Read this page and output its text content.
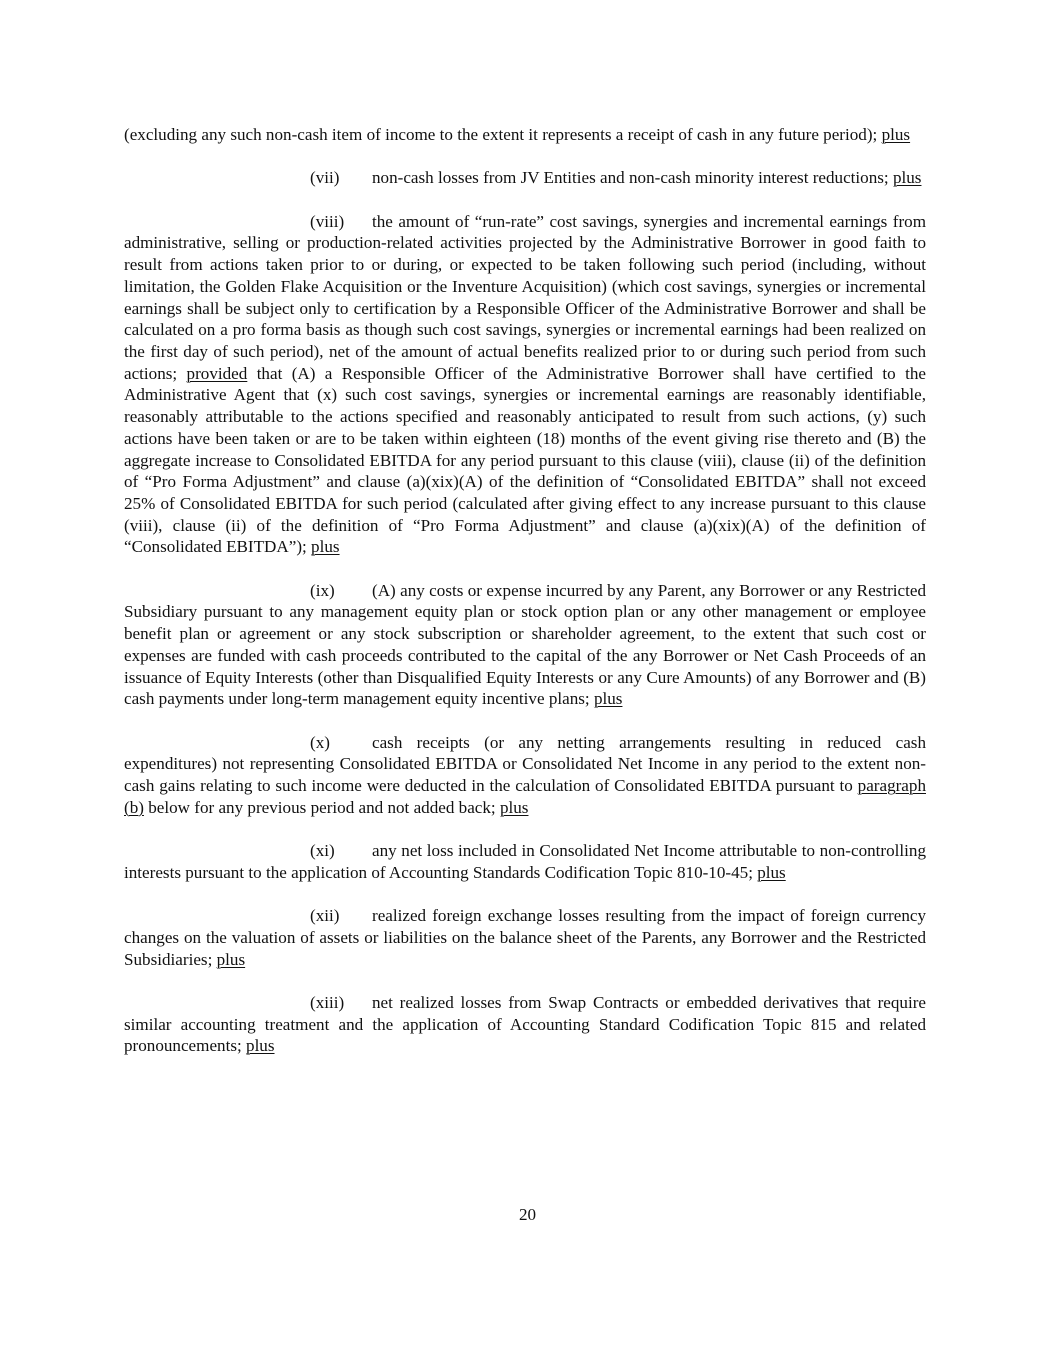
(excluding any such non-cash item of income to the extent it represents a receipt of cash in any future period); plus

(vii) non-cash losses from JV Entities and non-cash minority interest reductions; plus

(viii) the amount of “run-rate” cost savings, synergies and incremental earnings from administrative, selling or production-related activities projected by the Administrative Borrower in good faith to result from actions taken prior to or during, or expected to be taken following such period (including, without limitation, the Golden Flake Acquisition or the Inventure Acquisition) (which cost savings, synergies or incremental earnings shall be subject only to certification by a Responsible Officer of the Administrative Borrower and shall be calculated on a pro forma basis as though such cost savings, synergies or incremental earnings had been realized on the first day of such period), net of the amount of actual benefits realized prior to or during such period from such actions; provided that (A) a Responsible Officer of the Administrative Borrower shall have certified to the Administrative Agent that (x) such cost savings, synergies or incremental earnings are reasonably identifiable, reasonably attributable to the actions specified and reasonably anticipated to result from such actions, (y) such actions have been taken or are to be taken within eighteen (18) months of the event giving rise thereto and (B) the aggregate increase to Consolidated EBITDA for any period pursuant to this clause (viii), clause (ii) of the definition of “Pro Forma Adjustment” and clause (a)(xix)(A) of the definition of “Consolidated EBITDA” shall not exceed 25% of Consolidated EBITDA for such period (calculated after giving effect to any increase pursuant to this clause (viii), clause (ii) of the definition of “Pro Forma Adjustment” and clause (a)(xix)(A) of the definition of “Consolidated EBITDA”); plus

(ix) (A) any costs or expense incurred by any Parent, any Borrower or any Restricted Subsidiary pursuant to any management equity plan or stock option plan or any other management or employee benefit plan or agreement or any stock subscription or shareholder agreement, to the extent that such cost or expenses are funded with cash proceeds contributed to the capital of the any Borrower or Net Cash Proceeds of an issuance of Equity Interests (other than Disqualified Equity Interests or any Cure Amounts) of any Borrower and (B) cash payments under long-term management equity incentive plans; plus

(x) cash receipts (or any netting arrangements resulting in reduced cash expenditures) not representing Consolidated EBITDA or Consolidated Net Income in any period to the extent non-cash gains relating to such income were deducted in the calculation of Consolidated EBITDA pursuant to paragraph (b) below for any previous period and not added back; plus

(xi) any net loss included in Consolidated Net Income attributable to non-controlling interests pursuant to the application of Accounting Standards Codification Topic 810-10-45; plus

(xii) realized foreign exchange losses resulting from the impact of foreign currency changes on the valuation of assets or liabilities on the balance sheet of the Parents, any Borrower and the Restricted Subsidiaries; plus

(xiii) net realized losses from Swap Contracts or embedded derivatives that require similar accounting treatment and the application of Accounting Standard Codification Topic 815 and related pronouncements; plus

20
